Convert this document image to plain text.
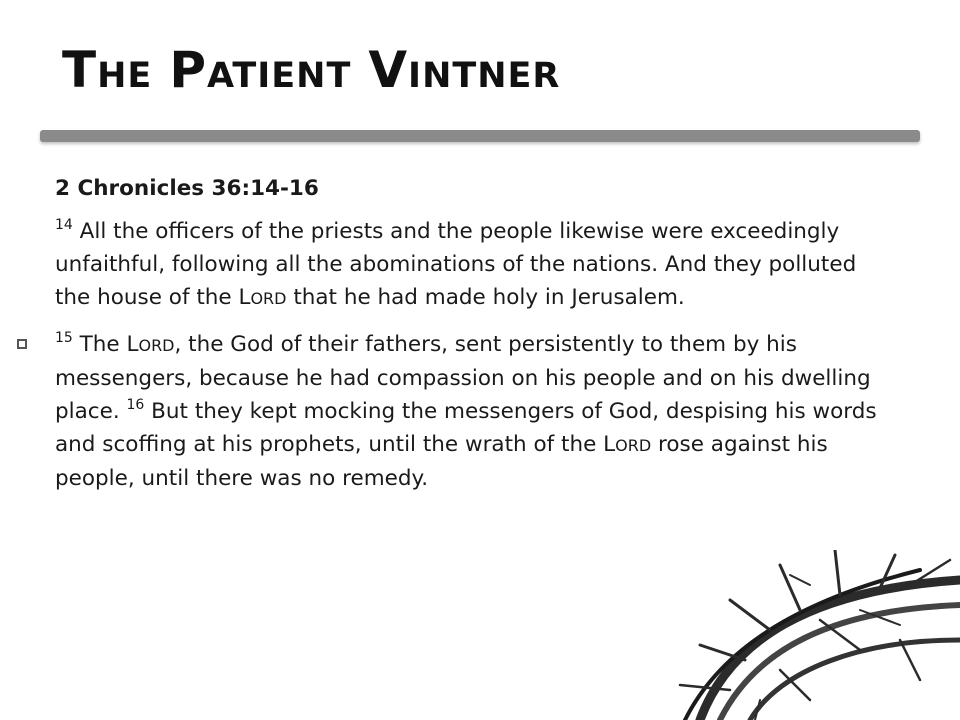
THE PATIENT VINTNER

2 Chronicles 36:14-16

$^{14}$ All the officers of the priests and the people likewise were exceedingly unfaithful, following all the abominations of the nations. And they polluted the house of the LORD that he had made holy in Jerusalem.

$^{15}$ The LORD, the God of their fathers, sent persistently to them by his messengers, because he had compassion on his people and on his dwelling place. $^{16}$ But they kept mocking the messengers of God, despising his words and scoffing at his prophets, until the wrath of the LORD rose against his people, until there was no remedy.
